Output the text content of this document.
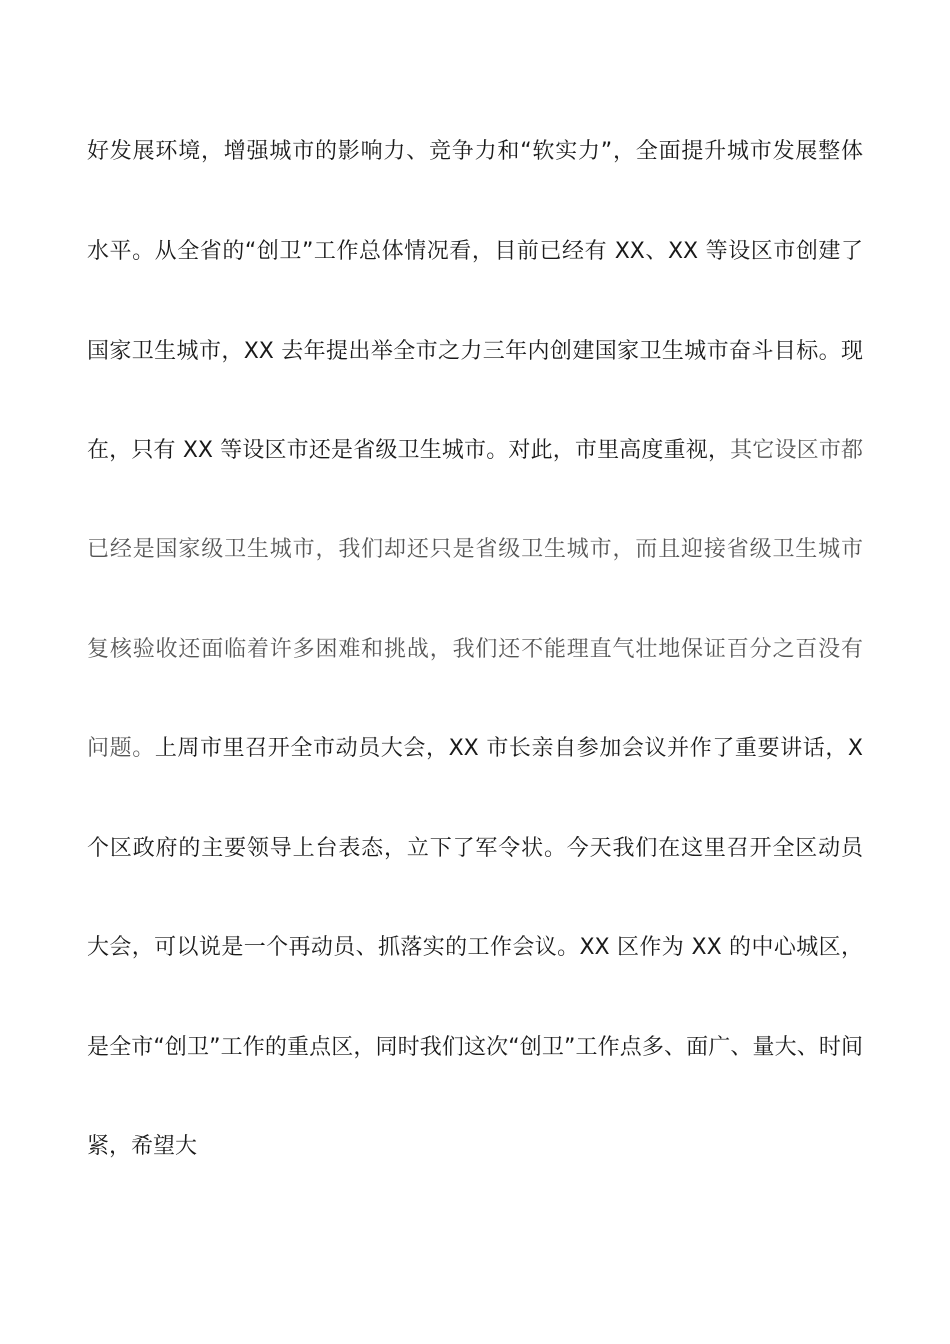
好发展环境，增强城市的影响力、竞争力和“软实力”，全面提升城市发展整体
水平。从全省的“创卫”工作总体情况看，目前已经有 XX、XX 等设区市创建了
国家卫生城市，XX 去年提出举全市之力三年内创建国家卫生城市奋斗目标。现
在，只有 XX 等设区市还是省级卫生城市。对此，市里高度重视，其它设区市都
已经是国家级卫生城市，我们却还只是省级卫生城市，而且迎接省级卫生城市
复核验收还面临着许多困难和挑战，我们还不能理直气壮地保证百分之百没有
问题。上周市里召开全市动员大会，XX 市长亲自参加会议并作了重要讲话，X
个区政府的主要领导上台表态，立下了军令状。今天我们在这里召开全区动员
大会，可以说是一个再动员、抓落实的工作会议。XX 区作为 XX 的中心城区，
是全市“创卫”工作的重点区，同时我们这次“创卫”工作点多、面广、量大、时间
紧，希望大
